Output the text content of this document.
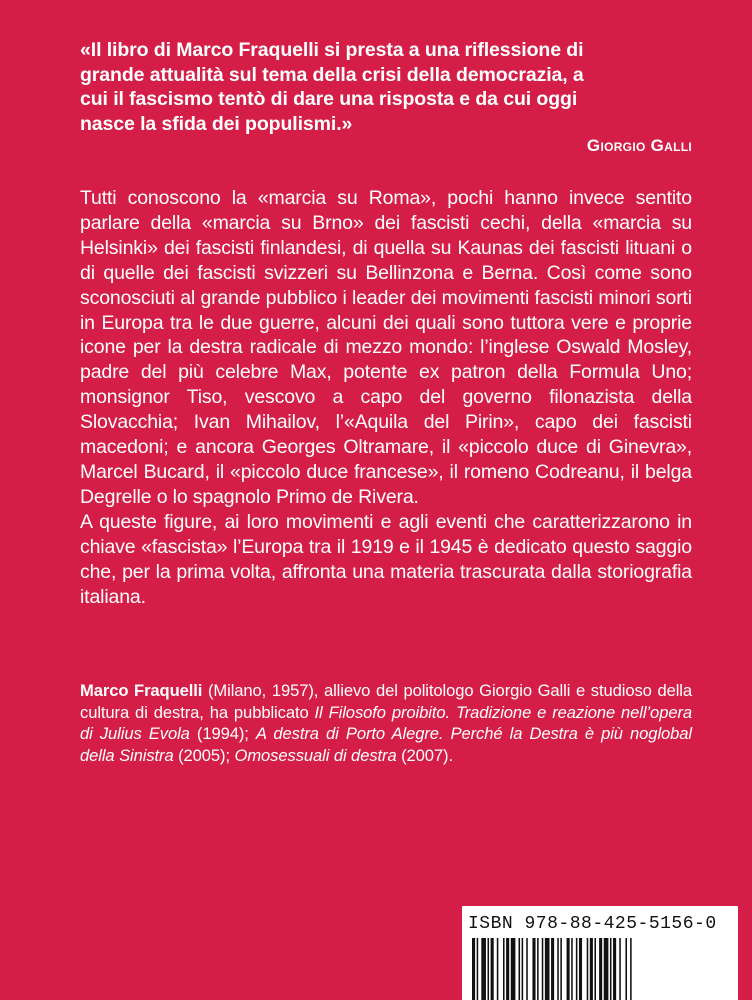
«Il libro di Marco Fraquelli si presta a una riflessione di
grande attualità sul tema della crisi della democrazia, a
cui il fascismo tentò di dare una risposta e da cui oggi
nasce la sfida dei populismi.»
Giorgio Galli

Tutti conoscono la «marcia su Roma», pochi hanno invece sentito parlare della «marcia su Brno» dei fascisti cechi, della «marcia su Helsinki» dei fascisti finlandesi, di quella su Kaunas dei fascisti lituani o di quelle dei fascisti svizzeri su Bellinzona e Berna. Così come sono sconosciuti al grande pubblico i leader dei movimenti fascisti minori sorti in Europa tra le due guerre, alcuni dei quali sono tuttora vere e proprie icone per la destra radicale di mezzo mondo: l’inglese Oswald Mosley, padre del più celebre Max, potente ex patron della Formula Uno; monsignor Tiso, vescovo a capo del governo filonazista della Slovacchia; Ivan Mihailov, l’«Aquila del Pirin», capo dei fascisti macedoni; e ancora Georges Oltramare, il «piccolo duce di Ginevra», Marcel Bucard, il «piccolo duce francese», il romeno Codreanu, il belga Degrelle o lo spagnolo Primo de Rivera.

A queste figure, ai loro movimenti e agli eventi che caratterizzarono in chiave «fascista» l’Europa tra il 1919 e il 1945 è dedicato questo saggio che, per la prima volta, affronta una materia trascurata dalla storiografia italiana.

Marco Fraquelli (Milano, 1957), allievo del politologo Giorgio Galli e studioso della cultura di destra, ha pubblicato Il Filosofo proibito. Tradizione e reazione nell’opera di Julius Evola (1994); A destra di Porto Alegre. Perché la Destra è più noglobal della Sinistra (2005); Omosessuali di destra (2007).
ISBN 978-88-425-5156-0
